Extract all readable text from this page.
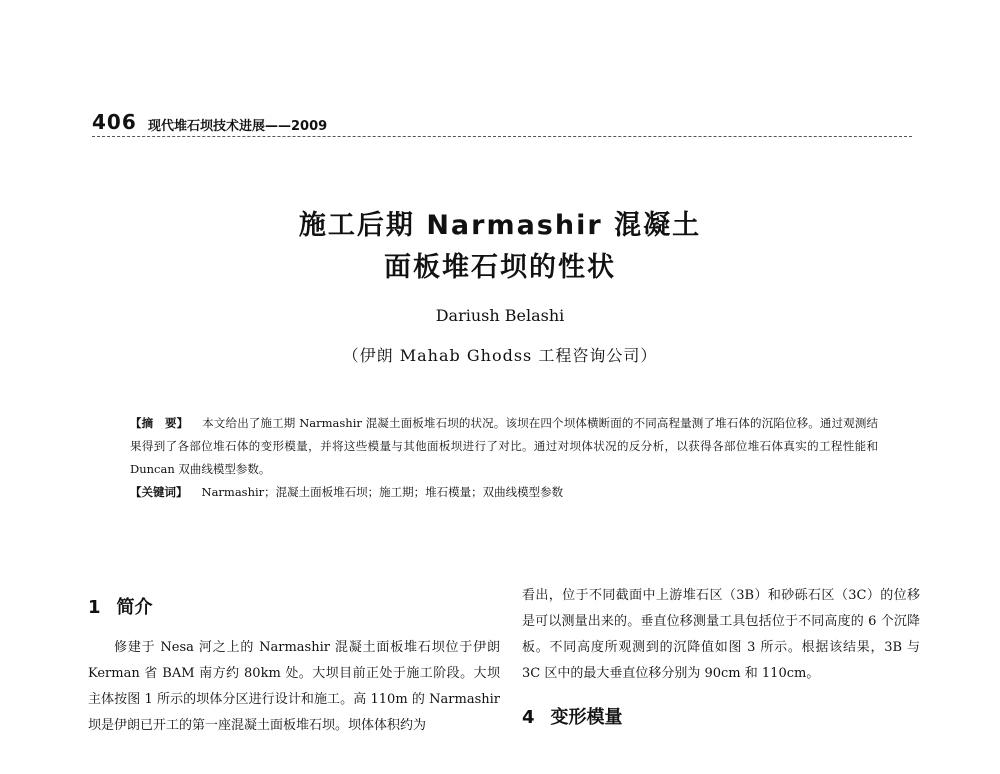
406 现代堆石坝技术进展——2009
施工后期 Narmashir 混凝土
面板堆石坝的性状
Dariush Belashi
（伊朗 Mahab Ghodss 工程咨询公司）

【摘　要】 本文给出了施工期 Narmashir 混凝土面板堆石坝的状况。该坝在四个坝体横断面的不同高程量测了堆石体的沉陷位移。通过观测结果得到了各部位堆石体的变形模量，并将这些模量与其他面板坝进行了对比。通过对坝体状况的反分析，以获得各部位堆石体真实的工程性能和 Duncan 双曲线模型参数。

【关键词】 Narmashir；混凝土面板堆石坝；施工期；堆石模量；双曲线模型参数

1 简介

修建于 Nesa 河之上的 Narmashir 混凝土面板堆石坝位于伊朗 Kerman 省 BAM 南方约 80km 处。大坝目前正处于施工阶段。大坝主体按图 1 所示的坝体分区进行设计和施工。高 110m 的 Narmashir 坝是伊朗已开工的第一座混凝土面板堆石坝。坝体体积约为

看出，位于不同截面中上游堆石区（3B）和砂砾石区（3C）的位移是可以测量出来的。垂直位移测量工具包括位于不同高度的 6 个沉降板。不同高度所观测到的沉降值如图 3 所示。根据该结果，3B 与 3C 区中的最大垂直位移分别为 90cm 和 110cm。

4 变形模量
